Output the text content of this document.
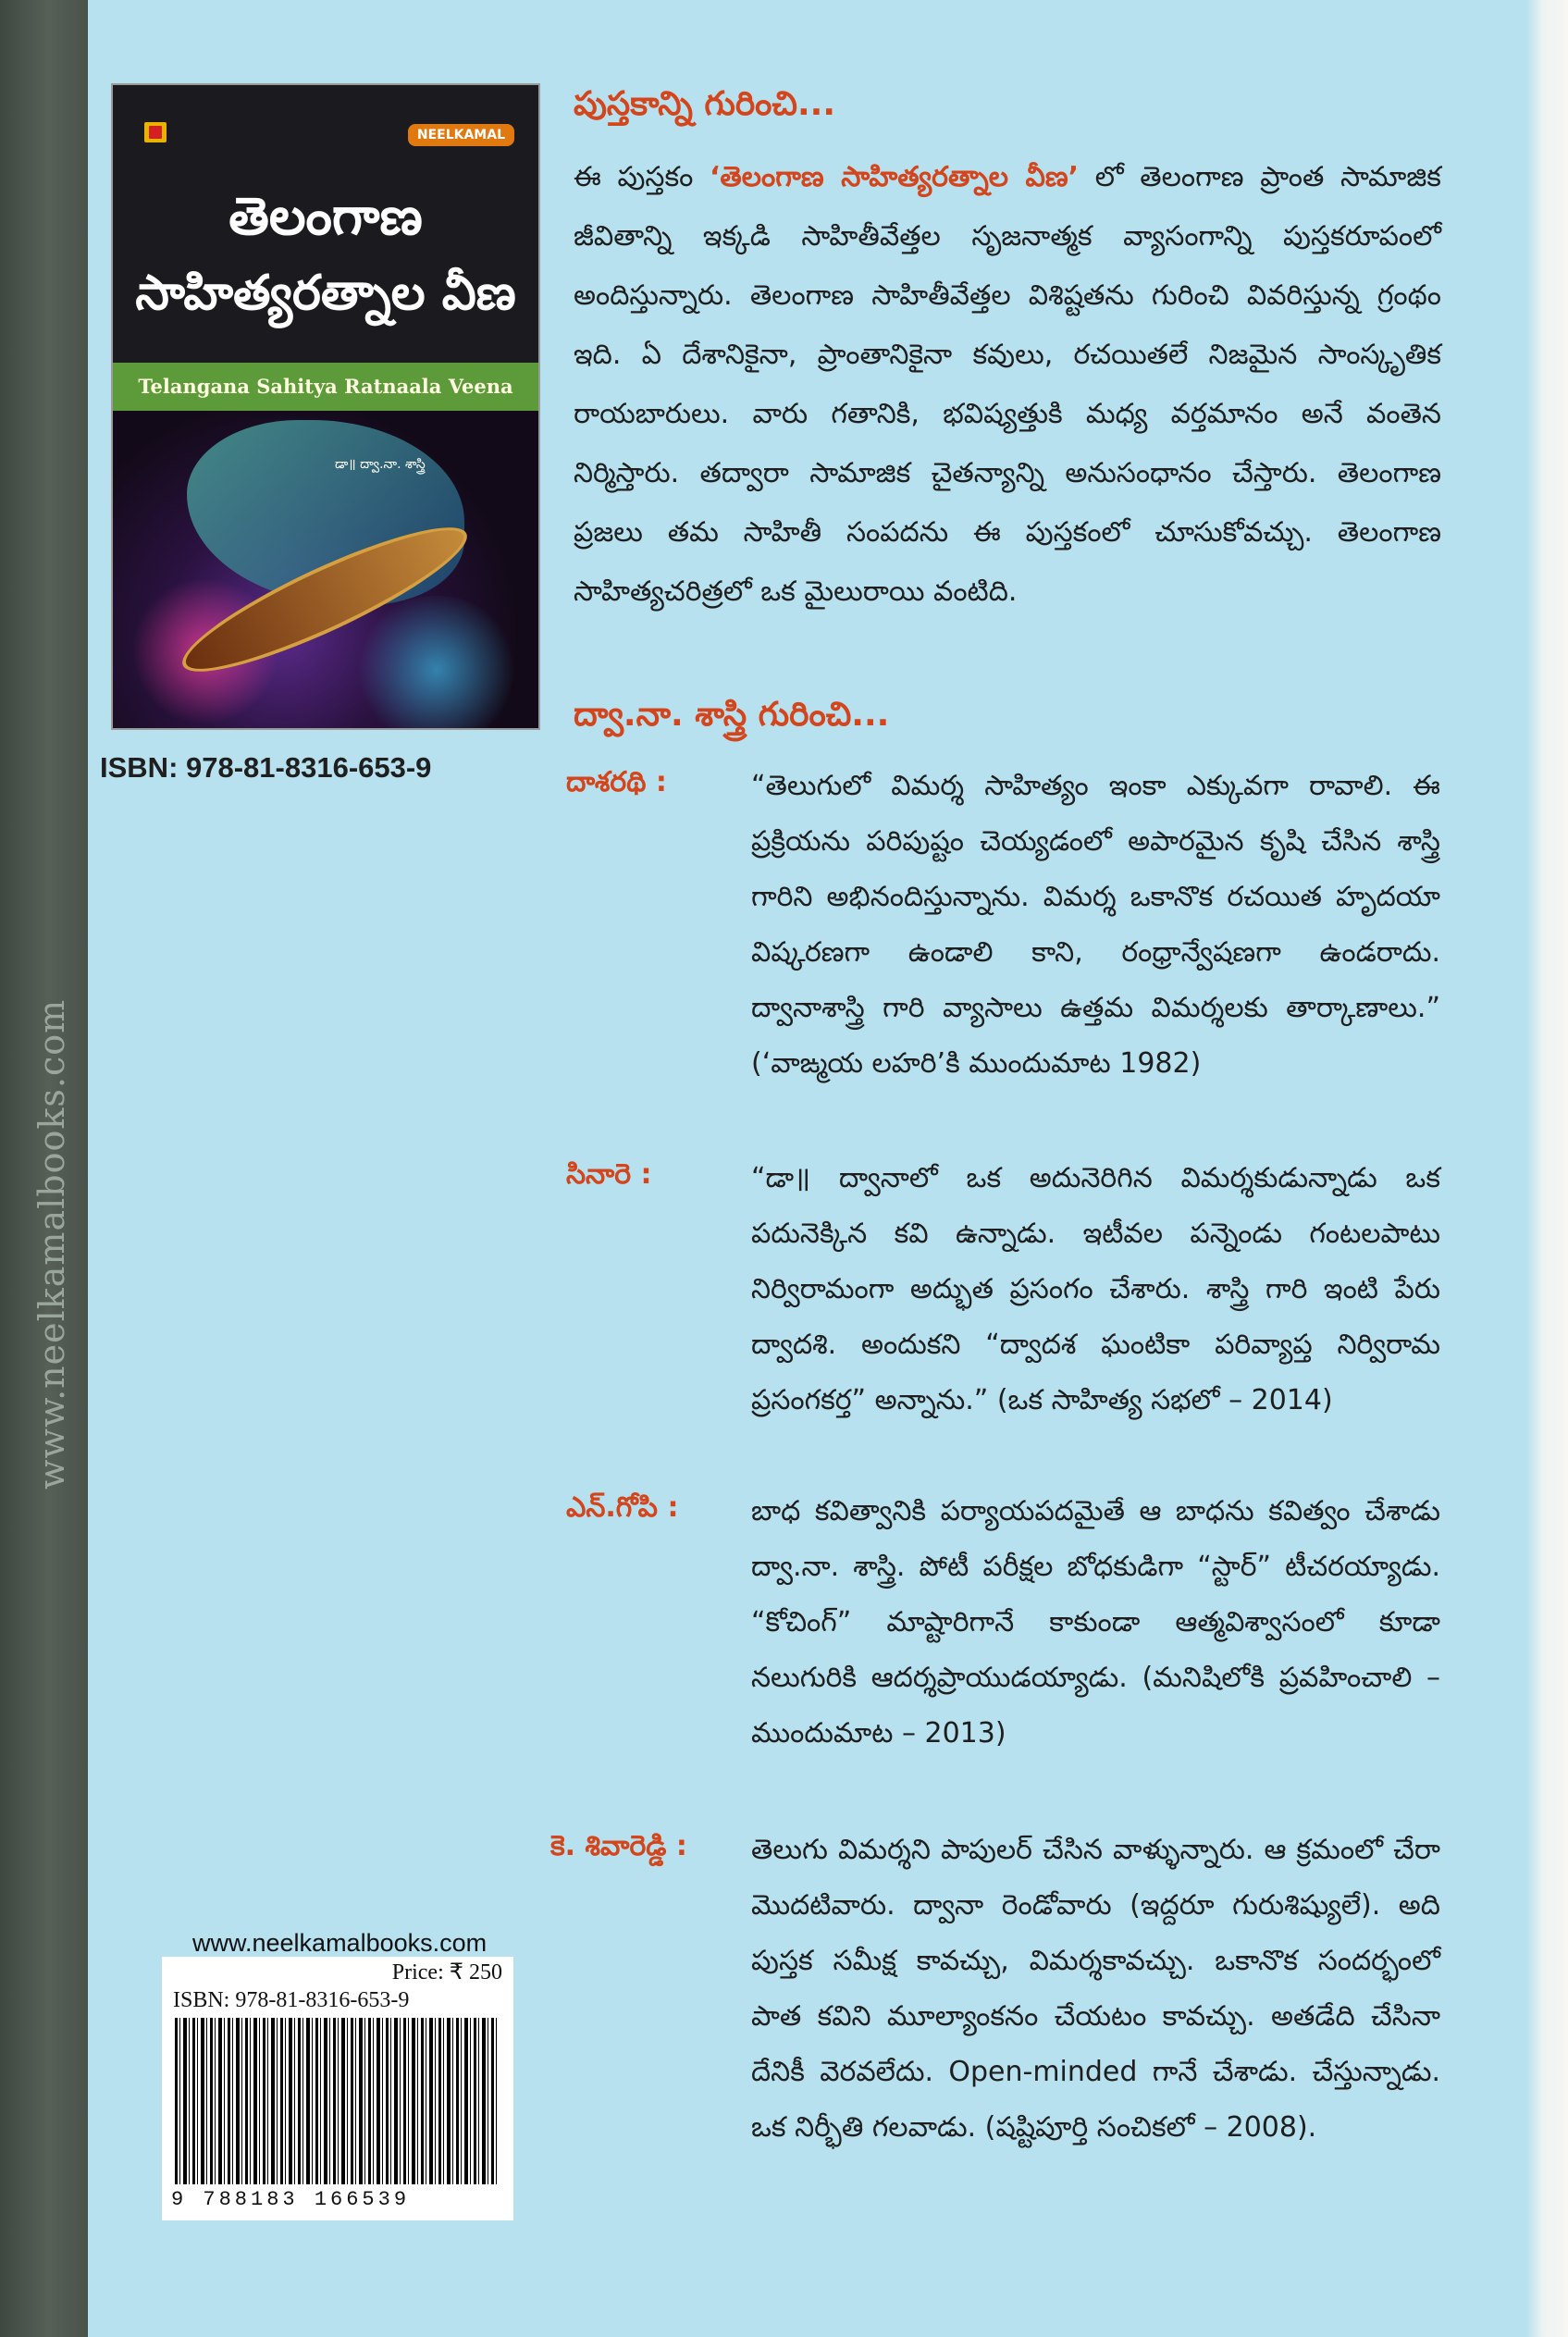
www.neelkamalbooks.com
NEELKAMAL
తెలంగాణ
సాహిత్యరత్నాల వీణ
Telangana Sahitya Ratnaala Veena
డా॥ ద్వా.నా. శాస్త్రి
ISBN: 978-81-8316-653-9
పుస్తకాన్ని గురించి...
ఈ పుస్తకం ‘తెలంగాణ సాహిత్యరత్నాల వీణ’ లో తెలంగాణ ప్రాంత సామాజిక జీవితాన్ని ఇక్కడి సాహితీవేత్తల సృజనాత్మక వ్యాసంగాన్ని పుస్తకరూపంలో అందిస్తున్నారు. తెలంగాణ సాహితీవేత్తల విశిష్టతను గురించి వివరిస్తున్న గ్రంథం ఇది. ఏ దేశానికైనా, ప్రాంతానికైనా కవులు, రచయితలే నిజమైన సాంస్కృతిక రాయబారులు. వారు గతానికి, భవిష్యత్తుకి మధ్య వర్తమానం అనే వంతెన నిర్మిస్తారు. తద్వారా సామాజిక చైతన్యాన్ని అనుసంధానం చేస్తారు. తెలంగాణ ప్రజలు తమ సాహితీ సంపదను ఈ పుస్తకంలో చూసుకోవచ్చు. తెలంగాణ సాహిత్యచరిత్రలో ఒక మైలురాయి వంటిది.
ద్వా.నా. శాస్త్రి గురించి...
దాశరథి :	“తెలుగులో విమర్శ సాహిత్యం ఇంకా ఎక్కువగా రావాలి. ఈ ప్రక్రియను పరిపుష్టం చెయ్యడంలో అపారమైన కృషి చేసిన శాస్త్రి గారిని అభినందిస్తున్నాను. విమర్శ ఒకానొక రచయిత హృదయా విష్కరణగా ఉండాలి కాని, రంధ్రాన్వేషణగా ఉండరాదు. ద్వానాశాస్త్రి గారి వ్యాసాలు ఉత్తమ విమర్శలకు తార్కాణాలు.” (‘వాఙ్మయ లహరి’కి ముందుమాట 1982)
సినారె :	“డా॥ ద్వానాలో ఒక అదునెరిగిన విమర్శకుడున్నాడు ఒక పదునెక్కిన కవి ఉన్నాడు. ఇటీవల పన్నెండు గంటలపాటు నిర్విరామంగా అద్భుత ప్రసంగం చేశారు. శాస్త్రి గారి ఇంటి పేరు ద్వాదశి. అందుకని “ద్వాదశ ఘంటికా పరివ్యాప్త నిర్విరామ ప్రసంగకర్త” అన్నాను.” (ఒక సాహిత్య సభలో – 2014)
ఎన్.గోపి :	బాధ కవిత్వానికి పర్యాయపదమైతే ఆ బాధను కవిత్వం చేశాడు ద్వా.నా. శాస్త్రి. పోటీ పరీక్షల బోధకుడిగా “స్టార్” టీచరయ్యాడు. “కోచింగ్” మాష్టారిగానే కాకుండా ఆత్మవిశ్వాసంలో కూడా నలుగురికి ఆదర్శప్రాయుడయ్యాడు. (మనిషిలోకి ప్రవహించాలి – ముందుమాట – 2013)
కె. శివారెడ్డి : తెలుగు విమర్శని పాపులర్ చేసిన వాళ్ళున్నారు. ఆ క్రమంలో చేరా మొదటివారు. ద్వానా రెండోవారు (ఇద్దరూ గురుశిష్యులే). అది పుస్తక సమీక్ష కావచ్చు, విమర్శకావచ్చు. ఒకానొక సందర్భంలో పాత కవిని మూల్యాంకనం చేయటం కావచ్చు. అతడేది చేసినా దేనికీ వెరవలేదు. Open-minded గానే చేశాడు. చేస్తున్నాడు. ఒక నిర్భీతి గలవాడు. (షష్టిపూర్తి సంచికలో – 2008).
www.neelkamalbooks.com
Price: ₹ 250
ISBN: 978-81-8316-653-9
9 788183 166539
